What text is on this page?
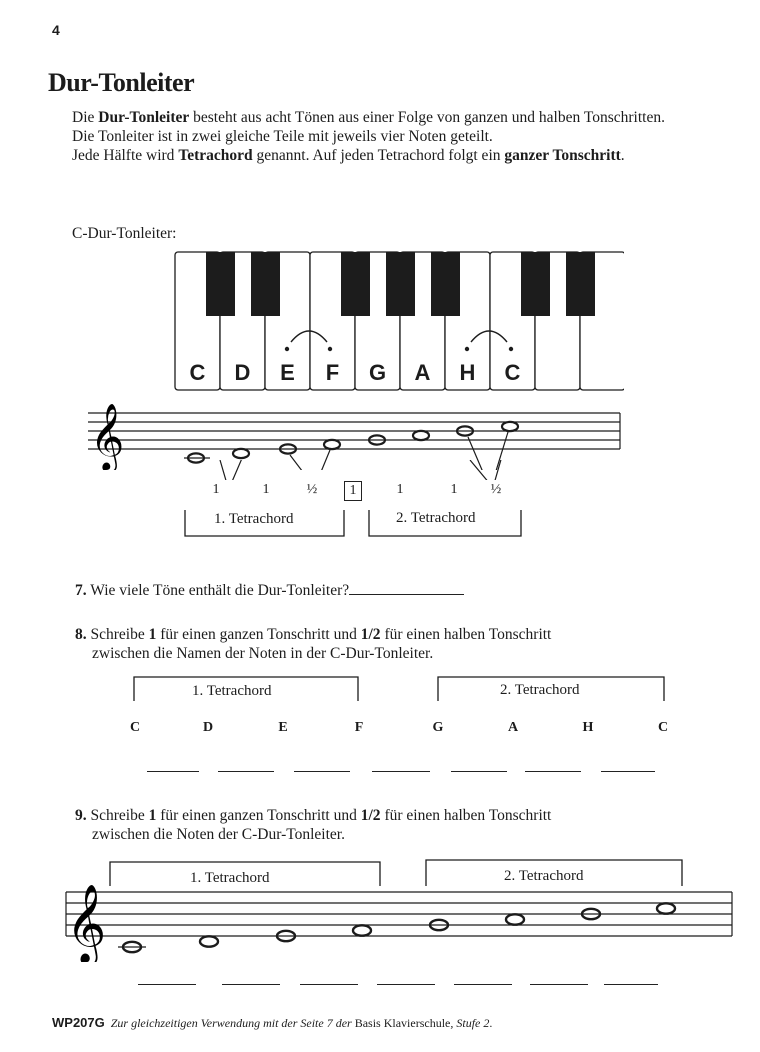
4
Dur-Tonleiter

Die Dur-Tonleiter besteht aus acht Tönen aus einer Folge von ganzen und halben Tonschritten.

Die Tonleiter ist in zwei gleiche Teile mit jeweils vier Noten geteilt.

Jede Hälfte wird Tetrachord genannt. Auf jeden Tetrachord folgt ein ganzer Tonschritt.

C-Dur-Tonleiter:
C D E F G A H C
𝄞
1	1	½	1	1	1	½
1. Tetrachord	2. Tetrachord
7. Wie viele Töne enthält die Dur-Tonleiter?
8. Schreibe 1 für einen ganzen Tonschritt und 1/2 für einen halben Tonschritt
zwischen die Namen der Noten in der C-Dur-Tonleiter.
1. Tetrachord	2. Tetrachord
C	D	E	F	G	A	H	C
9. Schreibe 1 für einen ganzen Tonschritt und 1/2 für einen halben Tonschritt
zwischen die Noten der C-Dur-Tonleiter.
1. Tetrachord	2. Tetrachord
𝄞
WP207G Zur gleichzeitigen Verwendung mit der Seite 7 der Basis Klavierschule, Stufe 2.
